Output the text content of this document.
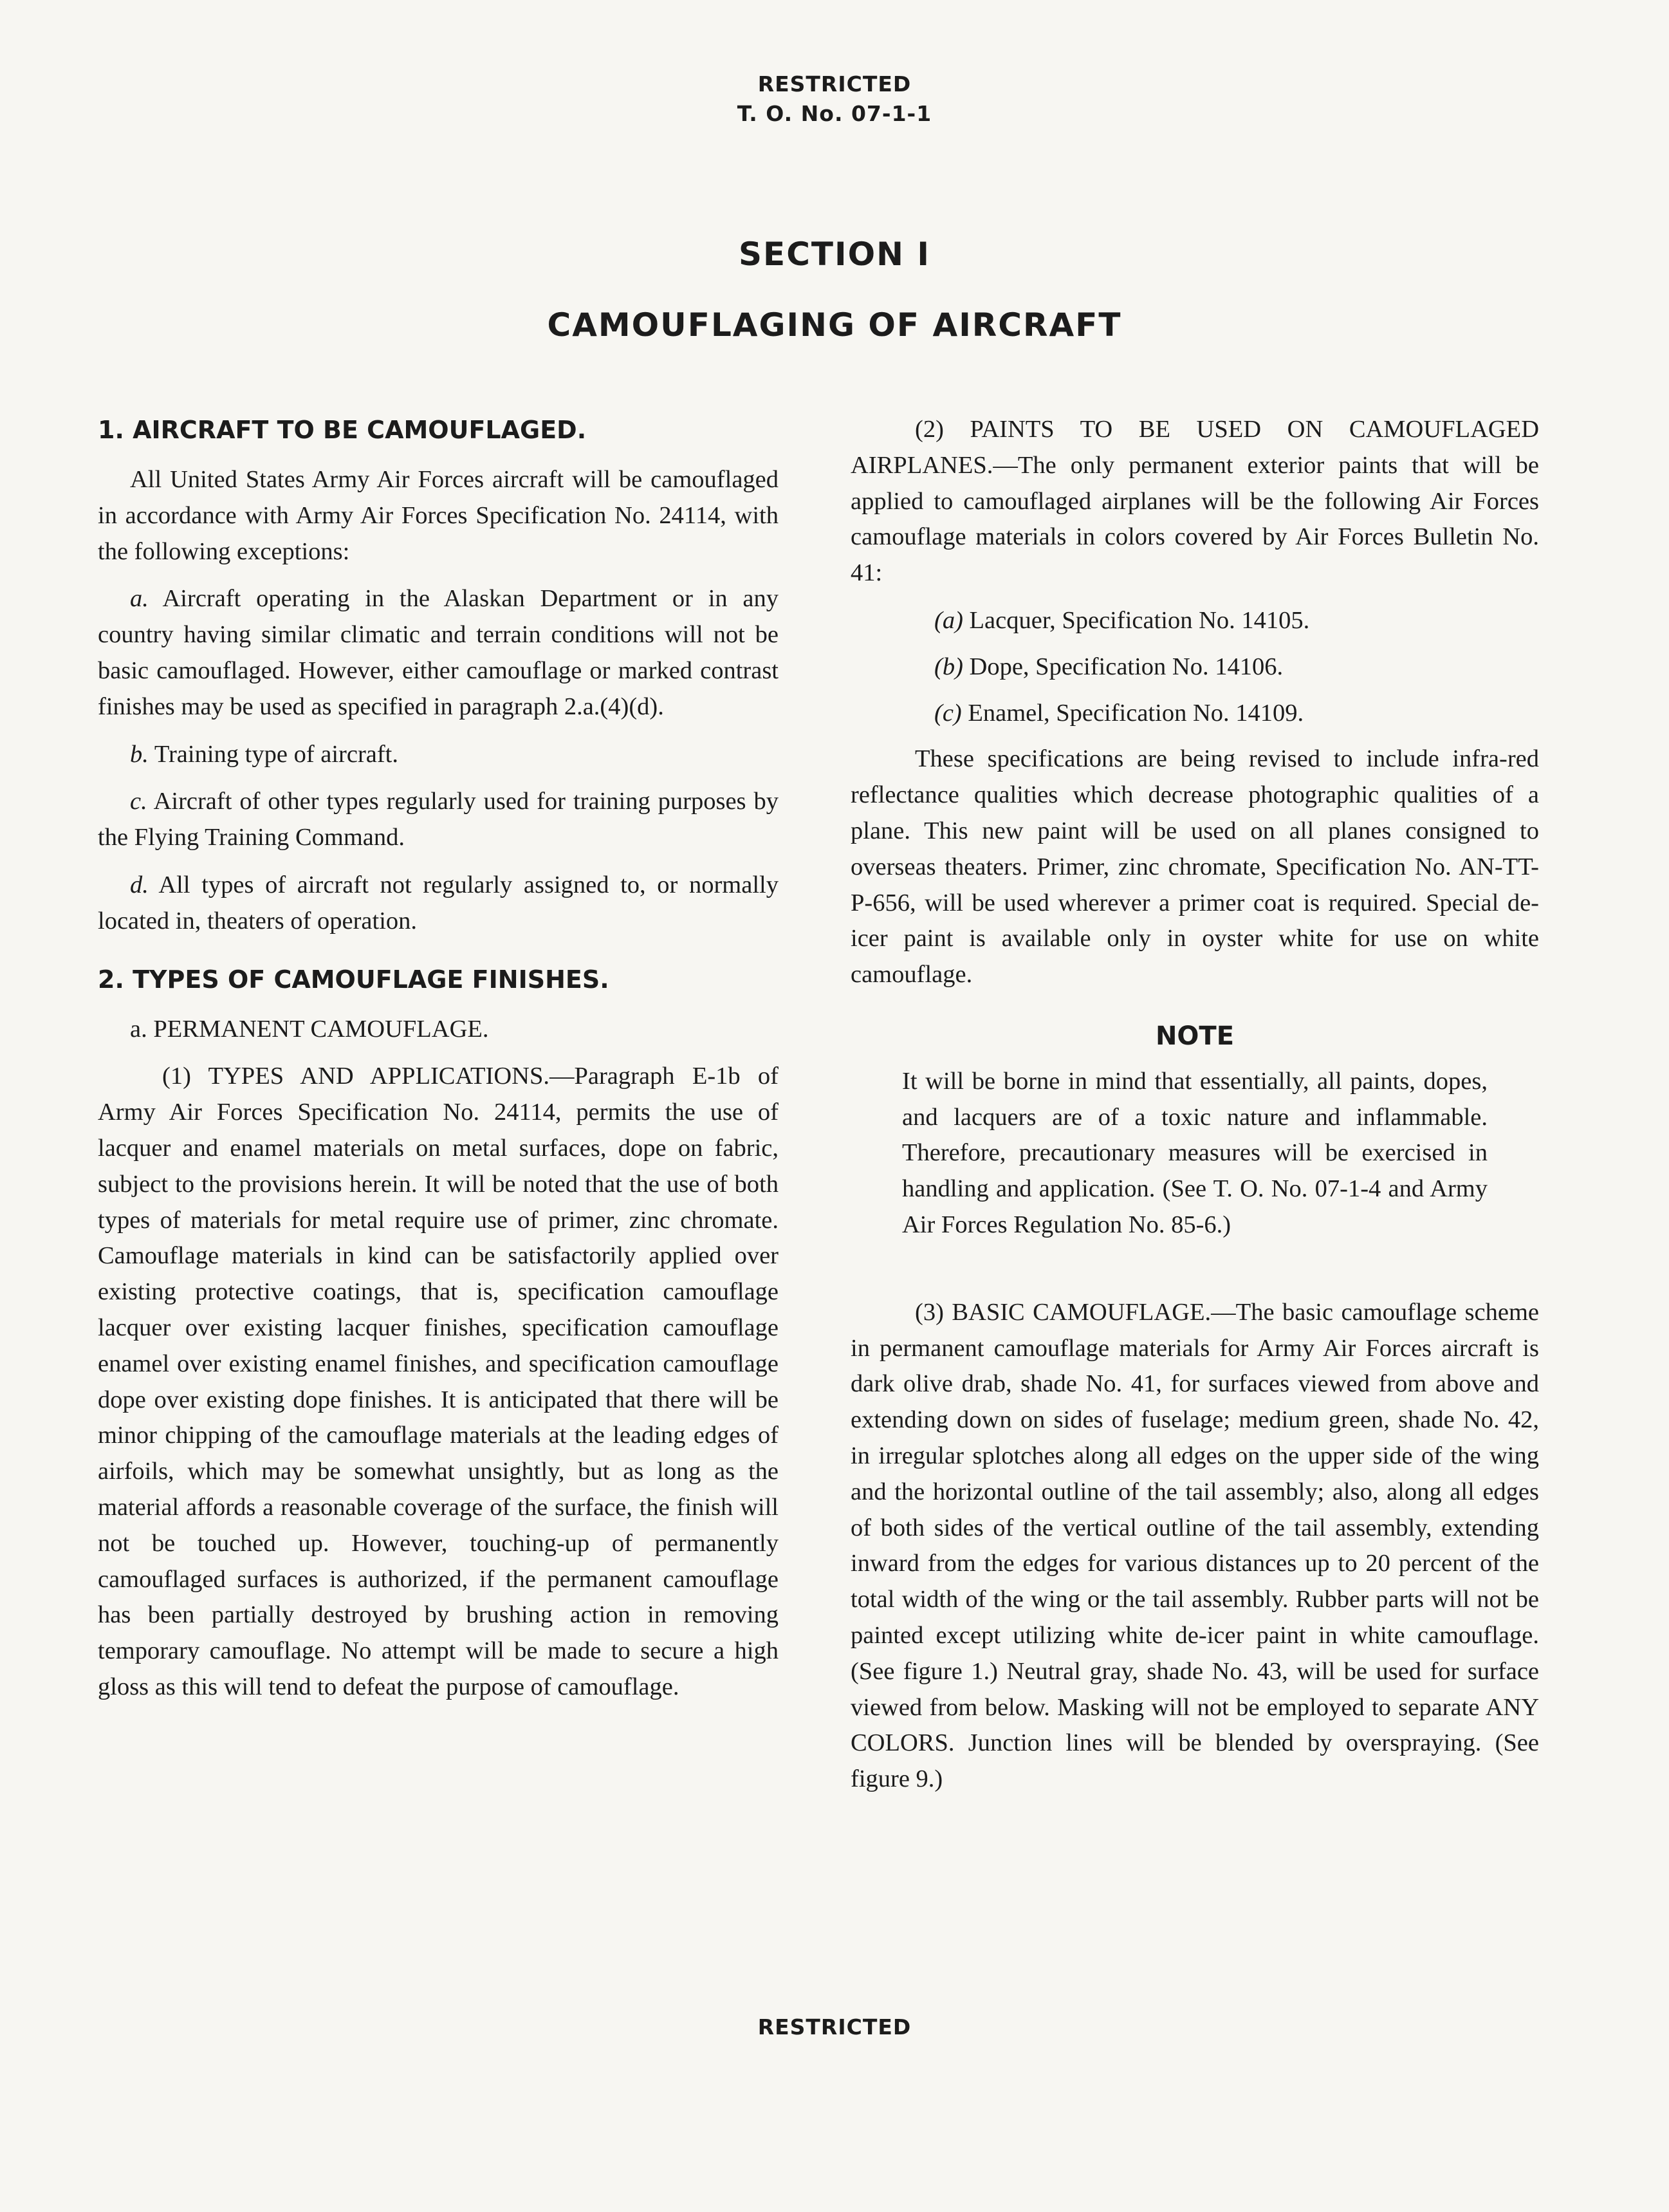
RESTRICTED
T. O. No. 07-1-1
SECTION I
CAMOUFLAGING OF AIRCRAFT
1. AIRCRAFT TO BE CAMOUFLAGED.

All United States Army Air Forces aircraft will be camouflaged in accordance with Army Air Forces Specification No. 24114, with the following exceptions:

a. Aircraft operating in the Alaskan Department or in any country having similar climatic and terrain conditions will not be basic camouflaged. However, either camouflage or marked contrast finishes may be used as specified in paragraph 2.a.(4)(d).

b. Training type of aircraft.

c. Aircraft of other types regularly used for training purposes by the Flying Training Command.

d. All types of aircraft not regularly assigned to, or normally located in, theaters of operation.

2. TYPES OF CAMOUFLAGE FINISHES.

a. PERMANENT CAMOUFLAGE.

(1) TYPES AND APPLICATIONS.—Paragraph E-1b of Army Air Forces Specification No. 24114, permits the use of lacquer and enamel materials on metal surfaces, dope on fabric, subject to the provisions herein. It will be noted that the use of both types of materials for metal require use of primer, zinc chromate. Camouflage materials in kind can be satisfactorily applied over existing protective coatings, that is, specification camouflage lacquer over existing lacquer finishes, specification camouflage enamel over existing enamel finishes, and specification camouflage dope over existing dope finishes. It is anticipated that there will be minor chipping of the camouflage materials at the leading edges of airfoils, which may be somewhat unsightly, but as long as the material affords a reasonable coverage of the surface, the finish will not be touched up. However, touching-up of permanently camouflaged surfaces is authorized, if the permanent camouflage has been partially destroyed by brushing action in removing temporary camouflage. No attempt will be made to secure a high gloss as this will tend to defeat the purpose of camouflage.

(2) PAINTS TO BE USED ON CAMOUFLAGED AIRPLANES.—The only permanent exterior paints that will be applied to camouflaged airplanes will be the following Air Forces camouflage materials in colors covered by Air Forces Bulletin No. 41:

(a) Lacquer, Specification No. 14105.
(b) Dope, Specification No. 14106.
(c) Enamel, Specification No. 14109.

These specifications are being revised to include infra-red reflectance qualities which decrease photographic qualities of a plane. This new paint will be used on all planes consigned to overseas theaters. Primer, zinc chromate, Specification No. AN-TT-P-656, will be used wherever a primer coat is required. Special de-icer paint is available only in oyster white for use on white camouflage.

NOTE

It will be borne in mind that essentially, all paints, dopes, and lacquers are of a toxic nature and inflammable. Therefore, precautionary measures will be exercised in handling and application. (See T. O. No. 07-1-4 and Army Air Forces Regulation No. 85-6.)

(3) BASIC CAMOUFLAGE.—The basic camouflage scheme in permanent camouflage materials for Army Air Forces aircraft is dark olive drab, shade No. 41, for surfaces viewed from above and extending down on sides of fuselage; medium green, shade No. 42, in irregular splotches along all edges on the upper side of the wing and the horizontal outline of the tail assembly; also, along all edges of both sides of the vertical outline of the tail assembly, extending inward from the edges for various distances up to 20 percent of the total width of the wing or the tail assembly. Rubber parts will not be painted except utilizing white de-icer paint in white camouflage. (See figure 1.) Neutral gray, shade No. 43, will be used for surface viewed from below. Masking will not be employed to separate ANY COLORS. Junction lines will be blended by overspraying. (See figure 9.)

RESTRICTED
